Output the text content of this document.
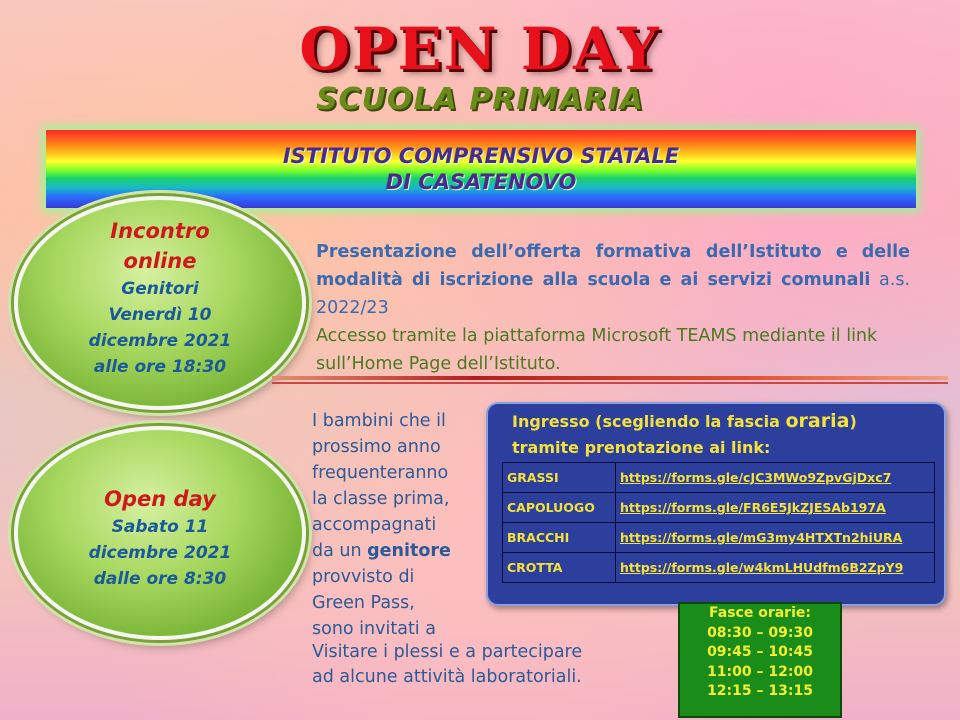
OPEN DAY
SCUOLA PRIMARIA
ISTITUTO COMPRENSIVO STATALE
DI CASATENOVO
Incontro
online
Genitori
Venerdì 10
dicembre 2021
alle ore 18:30
Presentazione dell’offerta formativa dell’Istituto e delle modalità di iscrizione alla scuola e ai servizi comunali a.s. 2022/23
Accesso tramite la piattaforma Microsoft TEAMS mediante il link sull’Home Page dell’Istituto.
Open day
Sabato 11
dicembre 2021
dalle ore 8:30
I bambini che il
prossimo anno
frequenteranno
la classe prima,
accompagnati
da un genitore
provvisto di
Green Pass,
sono invitati a
Visitare i plessi e a partecipare
ad alcune attività laboratoriali.
Ingresso (scegliendo la fascia oraria)
tramite prenotazione ai link:
GRASSI	https://forms.gle/cJC3MWo9ZpvGjDxc7
CAPOLUOGO	https://forms.gle/FR6E5JkZJESAb197A
BRACCHI	https://forms.gle/mG3my4HTXTn2hiURA
CROTTA	https://forms.gle/w4kmLHUdfm6B2ZpY9
Fasce orarie:
08:30 – 09:30
09:45 – 10:45
11:00 – 12:00
12:15 – 13:15
